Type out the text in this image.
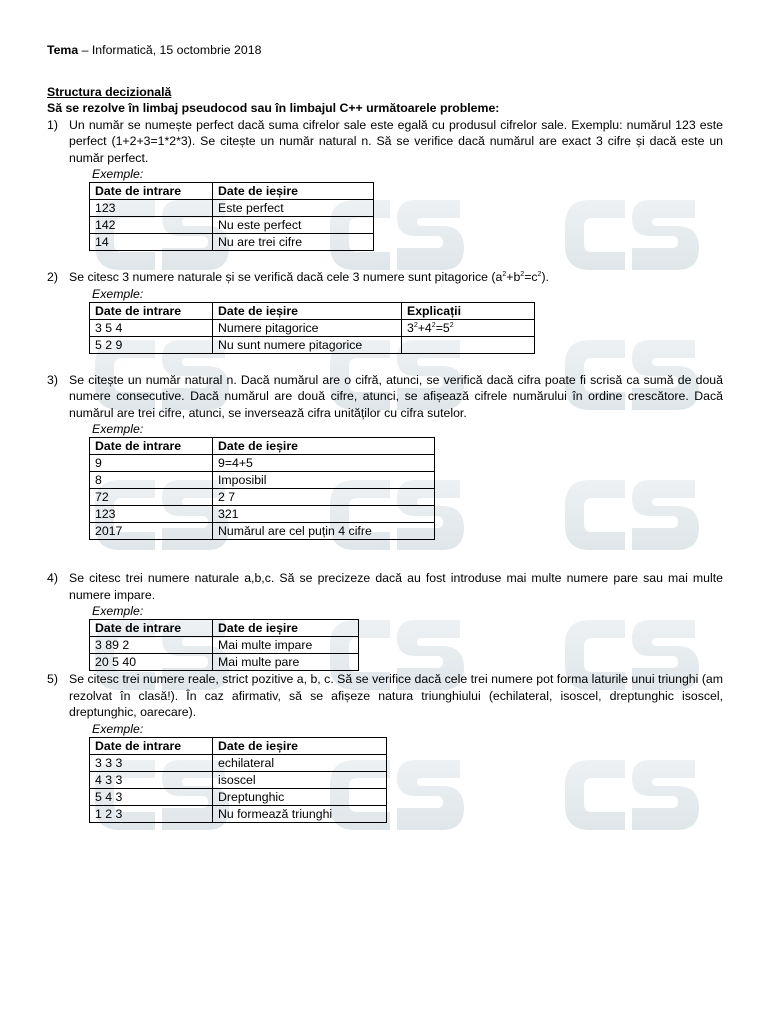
Tema – Informatică, 15 octombrie 2018
Structura decizională
Să se rezolve în limbaj pseudocod sau în limbajul C++ următoarele probleme:
1) Un număr se numește perfect dacă suma cifrelor sale este egală cu produsul cifrelor sale. Exemplu: numărul 123 este perfect (1+2+3=1*2*3). Se citește un număr natural n. Să se verifice dacă numărul are exact 3 cifre și dacă este un număr perfect.
Exemple:
Date de intrare	Date de ieșire
123	Este perfect
142	Nu este perfect
14	Nu are trei cifre
2) Se citesc 3 numere naturale și se verifică dacă cele 3 numere sunt pitagorice $(a^2+b^2=c^2)$.
Exemple:
Date de intrare	Date de ieșire	Explicații
3 5 4	Numere pitagorice	$3^2+4^2=5^2$
5 2 9	Nu sunt numere pitagorice	
3) Se citește un număr natural n. Dacă numărul are o cifră, atunci, se verifică dacă cifra poate fi scrisă ca sumă de două numere consecutive. Dacă numărul are două cifre, atunci, se afișează cifrele numărului în ordine crescătore. Dacă numărul are trei cifre, atunci, se inversează cifra unităților cu cifra sutelor.
Exemple:
Date de intrare	Date de ieșire
9	9=4+5
8	Imposibil
72	2 7
123	321
2017	Numărul are cel puțin 4 cifre
4) Se citesc trei numere naturale a,b,c. Să se precizeze dacă au fost introduse mai multe numere pare sau mai multe numere impare.
Exemple:
Date de intrare	Date de ieșire
3 89 2	Mai multe impare
20 5 40	Mai multe pare
5) Se citesc trei numere reale, strict pozitive a, b, c. Să se verifice dacă cele trei numere pot forma laturile unui triunghi (am rezolvat în clasă!). În caz afirmativ, să se afișeze natura triunghiului (echilateral, isoscel, dreptunghic isoscel, dreptunghic, oarecare).
Exemple:
Date de intrare	Date de ieșire
3 3 3	echilateral
4 3 3	isoscel
5 4 3	Dreptunghic
1 2 3	Nu formează triunghi
